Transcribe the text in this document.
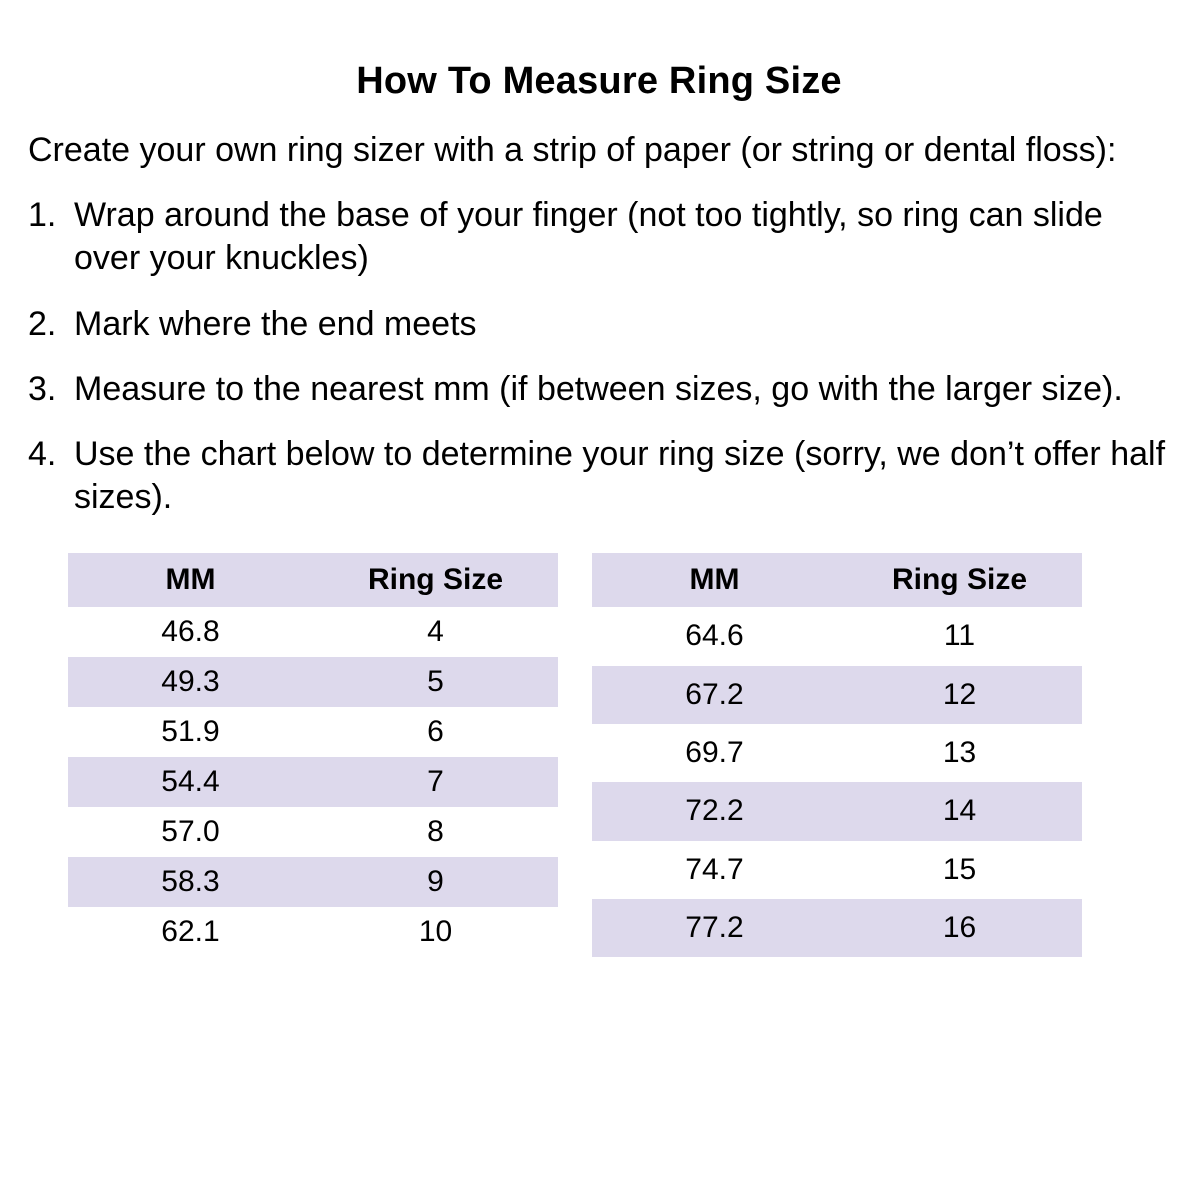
How To Measure Ring Size

Create your own ring sizer with a strip of paper (or string or dental floss):

1. Wrap around the base of your finger (not too tightly, so ring can slide over your knuckles)
2. Mark where the end meets
3. Measure to the nearest mm (if between sizes, go with the larger size).
4. Use the chart below to determine your ring size (sorry, we don’t offer half sizes).
MM	Ring Size
46.8	4
49.3	5
51.9	6
54.4	7
57.0	8
58.3	9
62.1	10
MM	Ring Size
64.6	11
67.2	12
69.7	13
72.2	14
74.7	15
77.2	16
